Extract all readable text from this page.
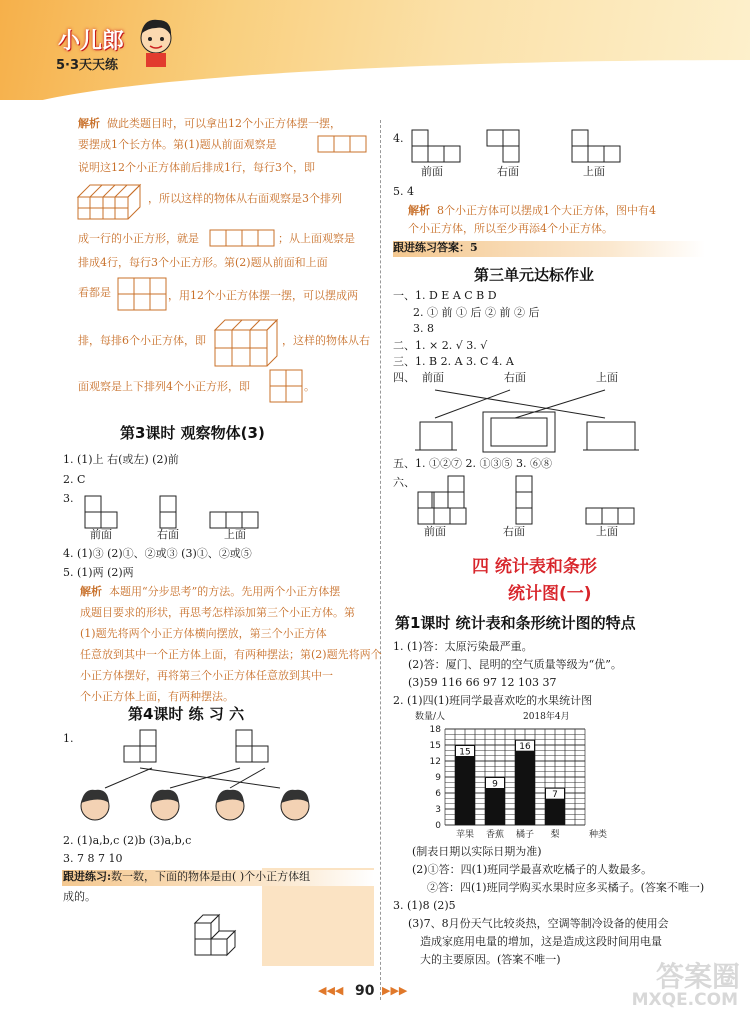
小儿郎
5·3天天练
解析 做此类题目时，可以拿出12个小正方体摆一摆，
要摆成1个长方体。第(1)题从前面观察是
说明这12个小正方体前后排成1行，每行3个，即
，所以这样的物体从右面观察是3个排列
成一行的小正方形，就是	；从上面观察是
排成4行，每行3个小正方形。第(2)题从前面和上面
看都是	，用12个小正方体摆一摆，可以摆成两
排，每排6个小正方体，即	，这样的物体从右
面观察是上下排列4个小正方形，即	。
第3课时 观察物体(3)
1. (1)上 右(或左) (2)前
2. C
3.
前面	右面	上面
4. (1)③ (2)①、②或③ (3)①、②或⑤
5. (1)两 (2)两
解析 本题用“分步思考”的方法。先用两个小正方体摆
成题目要求的形状，再思考怎样添加第三个小正方体。第
(1)题先将两个小正方体横向摆放，第三个小正方体
任意放到其中一个正方体上面，有两种摆法；第(2)题先将两个
小正方体摆好，再将第三个小正方体任意放到其中一
个小正方体上面，有两种摆法。
第4课时 练 习 六
1.
2. (1)a,b,c (2)b (3)a,b,c
3. 7 8 7 10
跟进练习:数一数，下面的物体是由( )个小正方体组
成的。
4.
前面	右面	上面
5. 4
解析 8个小正方体可以摆成1个大正方体，图中有4
个小正方体，所以至少再添4个小正方体。
跟进练习答案：5
第三单元达标作业
一、1. D E A C B D
2. ① 前 ① 后 ② 前 ② 后
3. 8
二、1. × 2. √ 3. √
三、1. B 2. A 3. C 4. A
四、 前面	右面	上面
五、1. ①②⑦ 2. ①③⑤ 3. ⑥⑧
六、
前面	右面	上面
四 统计表和条形
统计图(一)
第1课时 统计表和条形统计图的特点
1. (1)答：太原污染最严重。
(2)答：厦门、昆明的空气质量等级为“优”。
(3)59 116 66 97 12 103 37
2. (1)四(1)班同学最喜欢吃的水果统计图
0
3
6
9
12
15
18
数量/人	2018年4月
15
苹果
9
香蕉
16
橘子
7
梨	种类
(制表日期以实际日期为准)
(2)①答：四(1)班同学最喜欢吃橘子的人数最多。
②答：四(1)班同学购买水果时应多买橘子。(答案不唯一)
3. (1)8 (2)5
(3)7、8月份天气比较炎热，空调等制冷设备的使用会
造成家庭用电量的增加，这是造成这段时间用电量
大的主要原因。(答案不唯一)
◀◀◀ 90 ▶▶▶	答案圈
MXQE.COM
